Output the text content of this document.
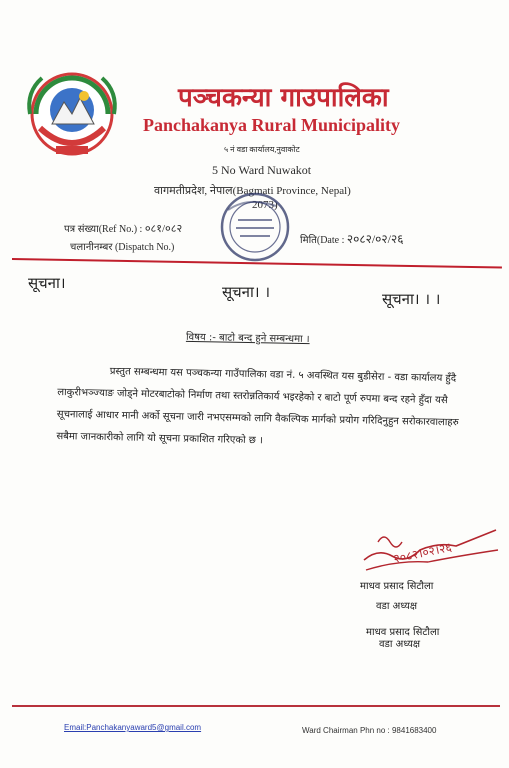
पञ्चकन्या गाउपालिका
Panchakanya Rural Municipality
५ नं वडा कार्यालय,नुवाकोट
5 No Ward Nuwakot
वागमतीप्रदेश, नेपाल(Bagmati Province, Nepal)
2073)
पत्र संख्या(Ref No.) : ०८१/०८२
चलानीनम्बर (Dispatch No.)
मिति(Date : २०८२/०२/२६
सूचना।	सूचना। ।	सूचना। । ।
विषय :- बाटो बन्द हुने सम्बन्धमा ।
प्रस्तुत सम्बन्धमा यस पञ्चकन्या गाउँपालिका वडा नं. ५ अवस्थित यस बुडीसेरा - वडा कार्यालय हुँदै लाकुरीभञ्ज्याङ जोड्ने मोटरबाटोको निर्माण तथा स्तरोन्नतिकार्य भइरहेको र बाटो पूर्ण रुपमा बन्द रहने हुँदा यसै सूचनालाई आधार मानी अर्को सूचना जारी नभएसम्मको लागि वैकल्पिक मार्गको प्रयोग गरिदिनुहुन सरोकारवालाहरु सबैमा जानकारीको लागि यो सूचना प्रकाशित गरिएको छ ।
२०८२।०२।२६
माधव प्रसाद सिटौला
वडा अध्यक्ष
माधव प्रसाद सिटौला
वडा अध्यक्ष
Email:Panchakanyaward5@gmail.com	Ward Chairman Phn no : 9841683400
